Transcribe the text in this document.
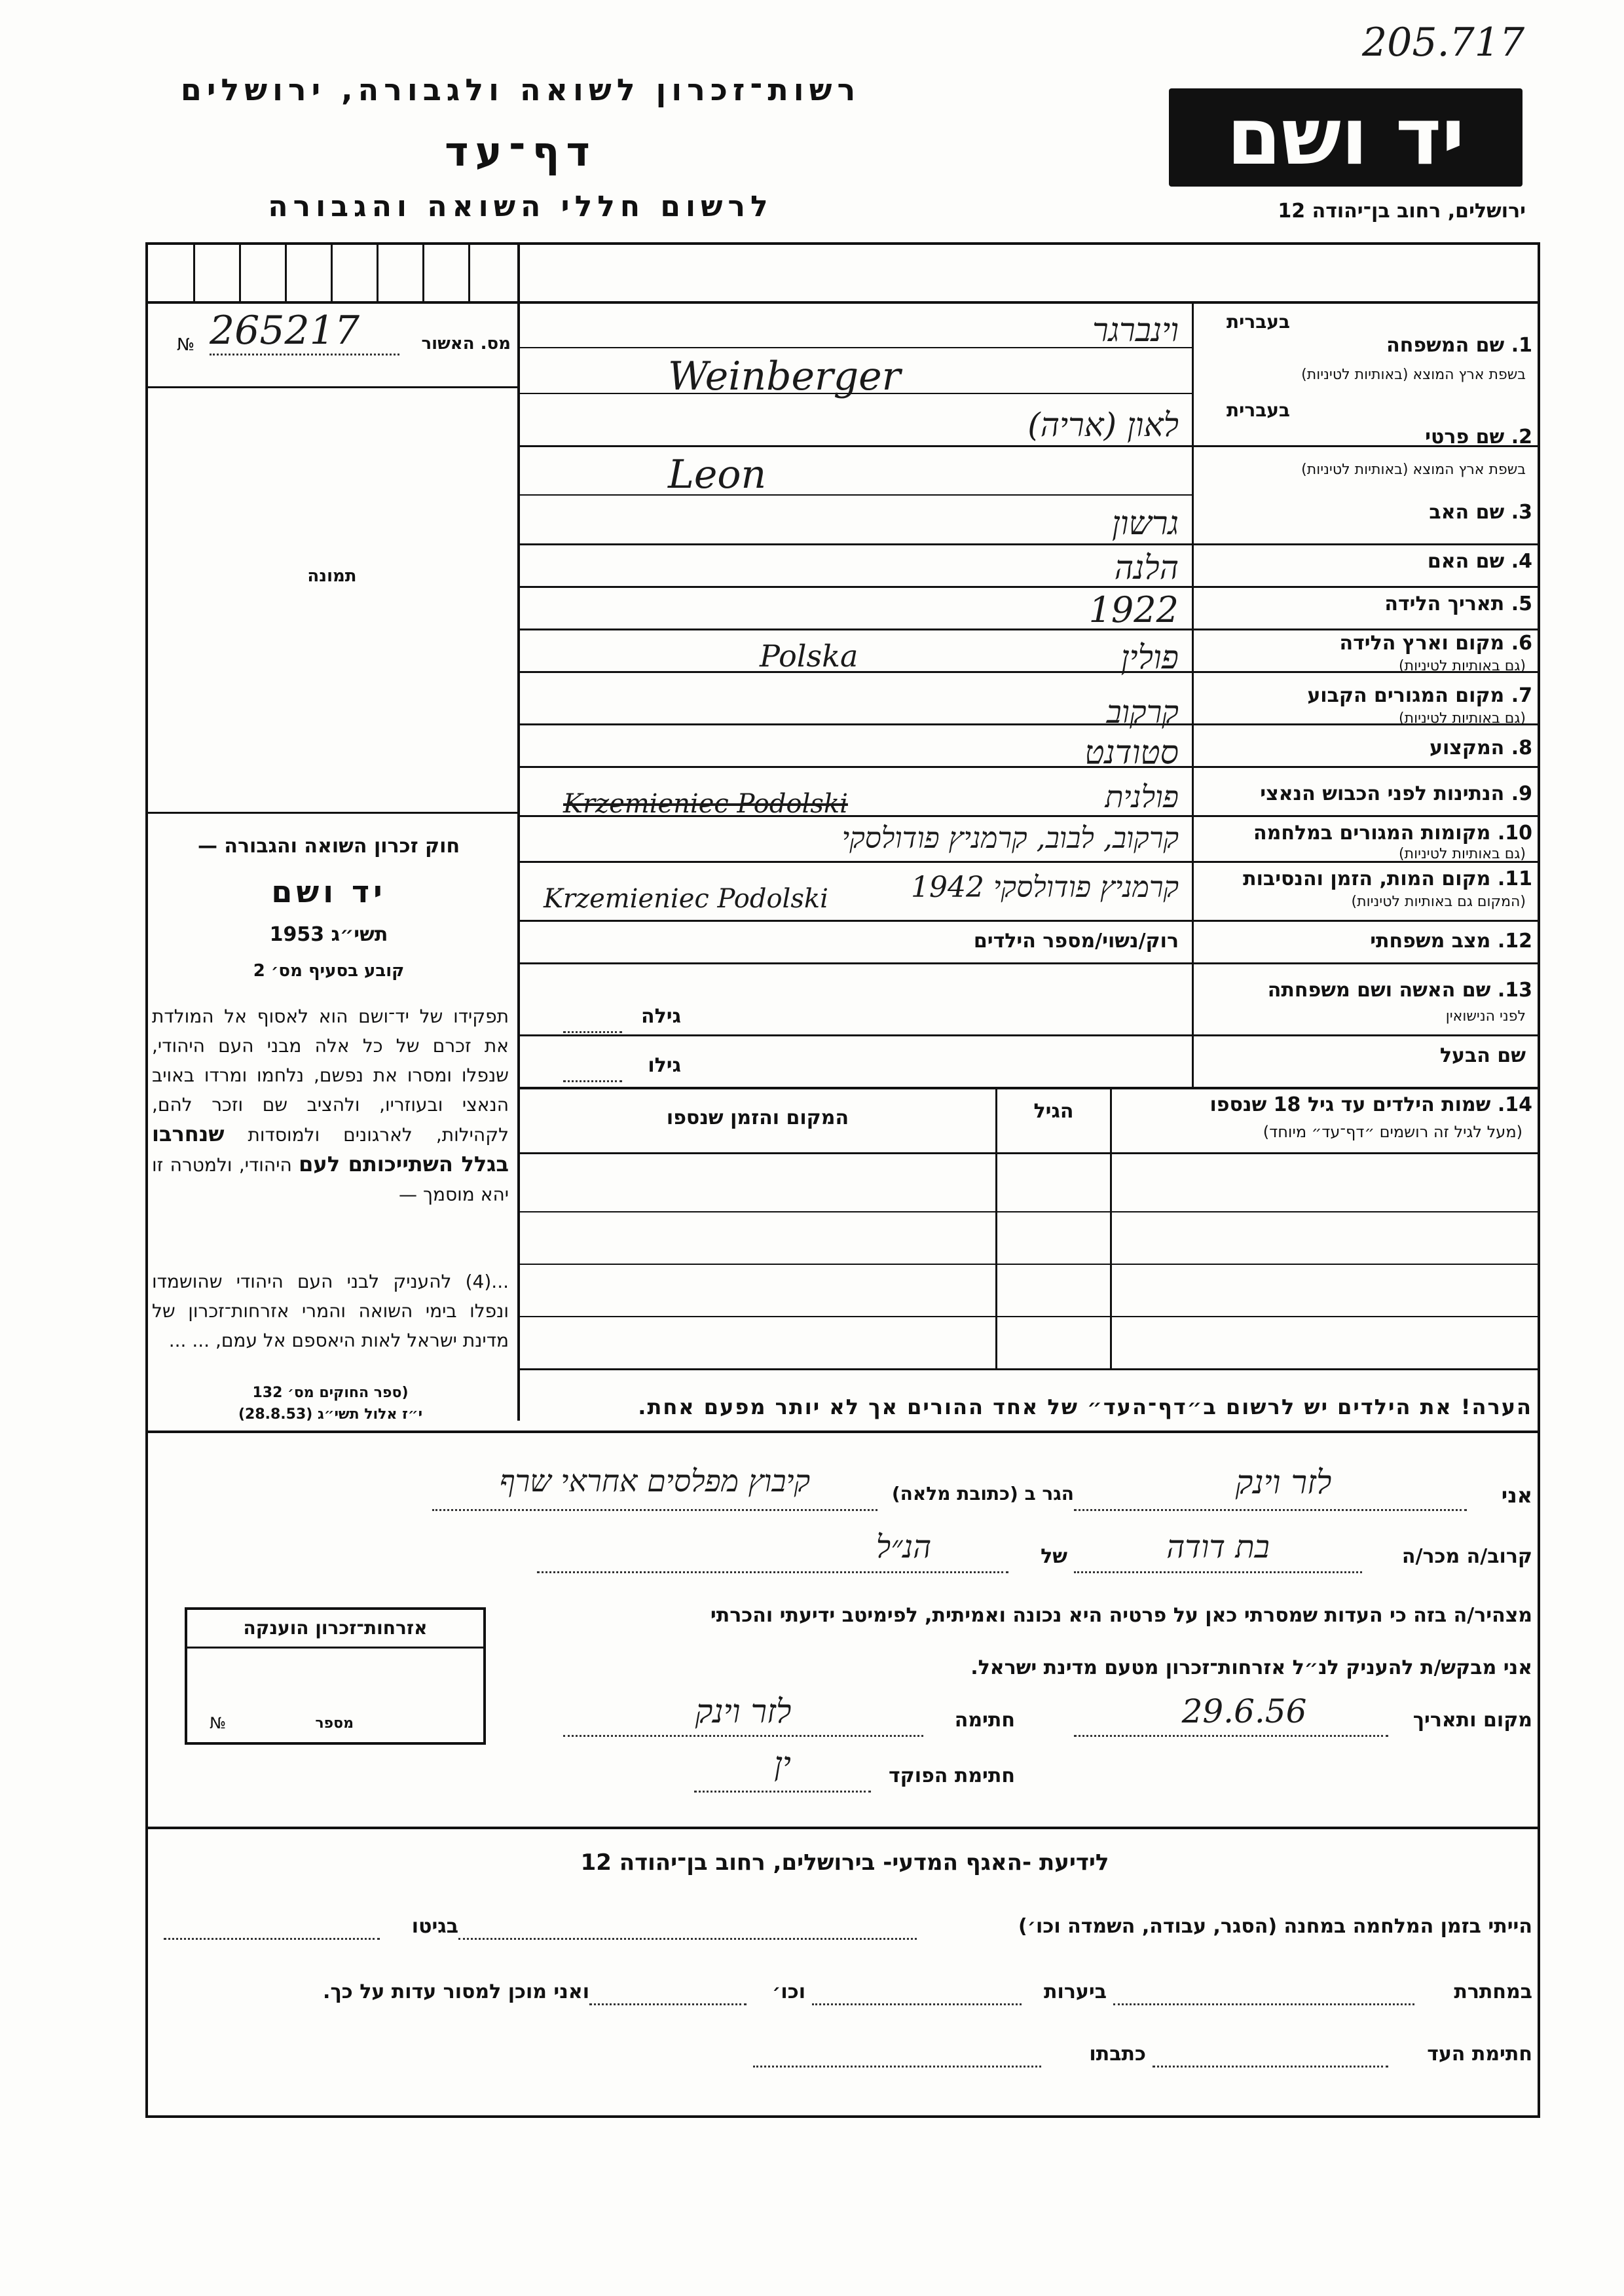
205.717
רשות־זכרון לשואה ולגבורה, ירושלים
דף־עד
לרשום חללי השואה והגבורה
יד ושם
ירושלים, רחוב בן־יהודה 12
מס. האשור
265217
№
תמונה
חוק זכרון השואה והגבורה —
יד ושם
תשי״ג 1953
קובע בסעיף מס׳ 2
תפקידו של יד־ושם הוא לאסוף אל המולדת את זכרם של כל אלה מבני העם היהודי, שנפלו ומסרו את נפשם, נלחמו ומרדו באויב הנאצי ובעוזריו, ולהציב שם וזכר להם, לקהילות, לארגונים ולמוסדות שנחרבו בגלל השתייכותם לעם היהודי, ולמטרה זו יהא מוסמך —
...(4) להעניק לבני העם היהודי שהושמדו ונפלו בימי השואה והמרי אזרחות־זכרון של מדינת ישראל לאות היאספם אל עמם, ... ...
(ספר החוקים מס׳ 132
י״ז אלול תשי״ג (28.8.53)
בעברית
1. שם המשפחה
בשפת ארץ המוצא (באותיות לטיניות)
וינברגר
Weinberger
בעברית
2. שם פרטי
בשפת ארץ המוצא (באותיות לטיניות)
לאון (אריה)
Leon
3. שם האב
גרשון
4. שם האם
הלנה
5. תאריך הלידה
1922
6. מקום וארץ הלידה
(גם באותיות לטיניות)
פולין
Polska
7. מקום המגורים הקבוע
(גם באותיות לטיניות)
קרקוב
8. המקצוע
סטודנט
9. הנתינות לפני הכבוש הנאצי
פולנית
Krzemieniec Podolski
10. מקומות המגורים במלחמה
(גם באותיות לטיניות)
קרקוב, לבוב, קרמניץ פודולסקי
11. מקום המות, הזמן והנסיבות
(המקום גם באותיות לטיניות)
קרמניץ פודולסקי 1942
Krzemieniec Podolski
12. מצב משפחתי
רוק/נשוי/מספר הילדים
13. שם האשה ושם משפחתה
לפני הנישואין
גילה
שם הבעל
גילו
14. שמות הילדים עד גיל 18 שנספו
(מעל לגיל זה רושמים ״דף־עד״ מיוחד)
הגיל
המקום והזמן שנספו
הערה! את הילדים יש לרשום ב״דף־העד״ של אחד ההורים אך לא יותר מפעם אחת.
אני
לזר וינק
הגר ב (כתובת מלאה)
קיבוץ מפלסים אחראי שרף
קרוב/ה מכר/ה
בת דודה
של
הנ״ל
מצהיר/ה בזה כי העדות שמסרתי כאן על פרטיה היא נכונה ואמיתית, לפימיטב ידיעתי והכרתי
אני מבקש/ת להעניק לנ״ל אזרחות־זכרון מטעם מדינת ישראל.
מקום ותאריך
29.6.56
חתימה
לזר וינק
חתימת הפוקד
ין
אזרחות־זכרון הוענקה
מספר
№
לידיעת -האגף המדעי- בירושלים, רחוב בן־יהודה 12
הייתי בזמן המלחמה במחנה (הסגר, עבודה, השמדה וכו׳)
בגיטו
במחתרת
ביערות
וכו׳
ואני מוכן למסור עדות על כך.
חתימת העד
כתבתו
